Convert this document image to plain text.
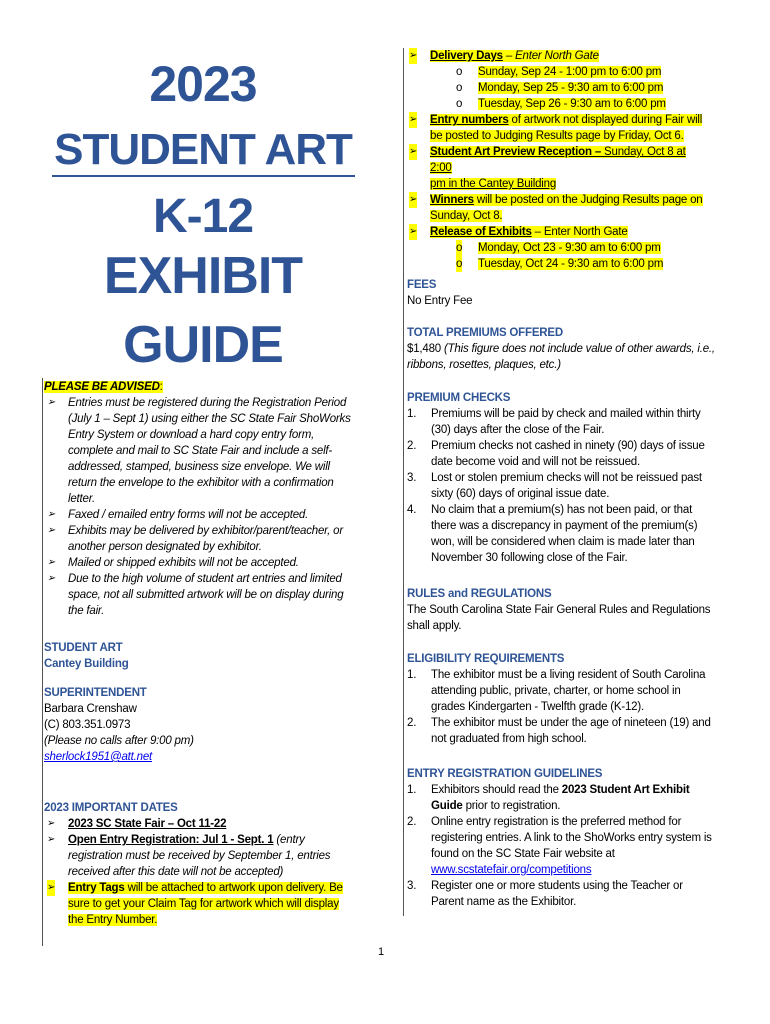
2023
STUDENT ART
K-12
EXHIBIT
GUIDE
PLEASE BE ADVISED:
➢ Entries must be registered during the Registration Period
(July 1 – Sept 1) using either the SC State Fair ShoWorks
Entry System or download a hard copy entry form,
complete and mail to SC State Fair and include a self-
addressed, stamped, business size envelope. We will
return the envelope to the exhibitor with a confirmation
letter.
➢ Faxed / emailed entry forms will not be accepted.
➢ Exhibits may be delivered by exhibitor/parent/teacher, or
another person designated by exhibitor.
➢ Mailed or shipped exhibits will not be accepted.
➢ Due to the high volume of student art entries and limited
space, not all submitted artwork will be on display during
the fair.
STUDENT ART
Cantey Building
SUPERINTENDENT
Barbara Crenshaw
(C) 803.351.0973
(Please no calls after 9:00 pm)
sherlock1951@att.net
2023 IMPORTANT DATES
➢ 2023 SC State Fair – Oct 11-22
➢ Open Entry Registration: Jul 1 - Sept. 1 (entry
registration must be received by September 1, entries
received after this date will not be accepted)
➢ Entry Tags will be attached to artwork upon delivery. Be
sure to get your Claim Tag for artwork which will display
the Entry Number.
➢ Delivery Days – Enter North Gate
o Sunday, Sep 24 - 1:00 pm to 6:00 pm
o Monday, Sep 25 - 9:30 am to 6:00 pm
o Tuesday, Sep 26 - 9:30 am to 6:00 pm
➢ Entry numbers of artwork not displayed during Fair will
be posted to Judging Results page by Friday, Oct 6.
➢ Student Art Preview Reception – Sunday, Oct 8 at 2:00
pm in the Cantey Building
➢ Winners will be posted on the Judging Results page on
Sunday, Oct 8.
➢ Release of Exhibits – Enter North Gate
o Monday, Oct 23 - 9:30 am to 6:00 pm
o Tuesday, Oct 24 - 9:30 am to 6:00 pm
FEES
No Entry Fee
TOTAL PREMIUMS OFFERED
$1,480 (This figure does not include value of other awards, i.e.,
ribbons, rosettes, plaques, etc.)
PREMIUM CHECKS
1. Premiums will be paid by check and mailed within thirty
(30) days after the close of the Fair.
2. Premium checks not cashed in ninety (90) days of issue
date become void and will not be reissued.
3. Lost or stolen premium checks will not be reissued past
sixty (60) days of original issue date.
4. No claim that a premium(s) has not been paid, or that
there was a discrepancy in payment of the premium(s)
won, will be considered when claim is made later than
November 30 following close of the Fair.
RULES and REGULATIONS
The South Carolina State Fair General Rules and Regulations
shall apply.
ELIGIBILITY REQUIREMENTS
1. The exhibitor must be a living resident of South Carolina
attending public, private, charter, or home school in
grades Kindergarten - Twelfth grade (K-12).
2. The exhibitor must be under the age of nineteen (19) and
not graduated from high school.
ENTRY REGISTRATION GUIDELINES
1. Exhibitors should read the 2023 Student Art Exhibit
Guide prior to registration.
2. Online entry registration is the preferred method for
registering entries. A link to the ShoWorks entry system is
found on the SC State Fair website at
www.scstatefair.org/competitions
3. Register one or more students using the Teacher or
Parent name as the Exhibitor.
1
